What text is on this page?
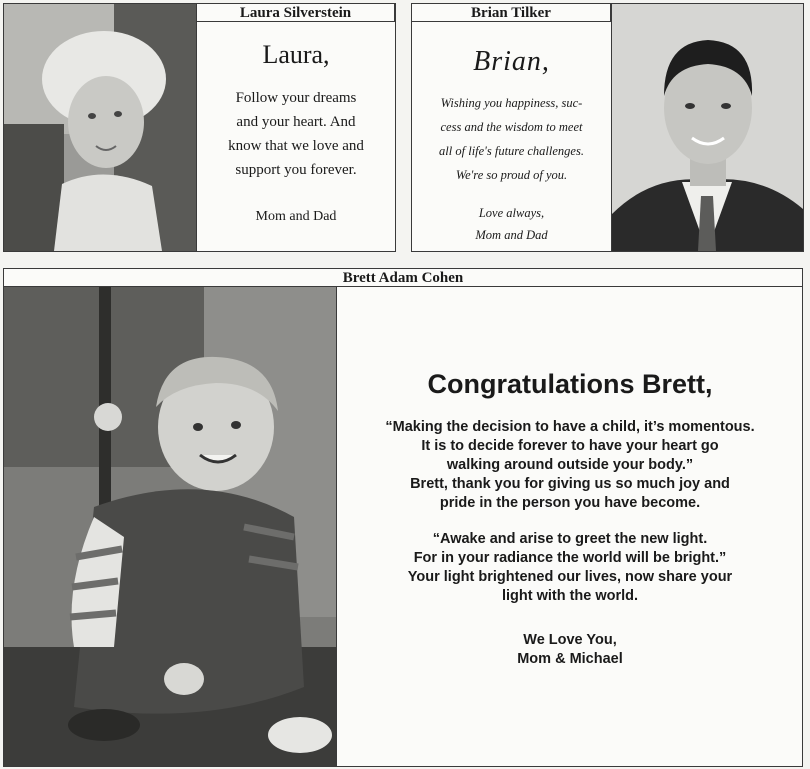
Laura Silverstein
Laura,
Follow your dreams
and your heart. And
know that we love and
support you forever.
Mom and Dad
Brian Tilker
Brian,
Wishing you happiness, suc-
cess and the wisdom to meet
all of life's future challenges.
We're so proud of you.
Love always,
Mom and Dad
Brett Adam Cohen
Congratulations Brett,
“Making the decision to have a child, it’s momentous.
It is to decide forever to have your heart go
walking around outside your body.”
Brett, thank you for giving us so much joy and
pride in the person you have become.
“Awake and arise to greet the new light.
For in your radiance the world will be bright.”
Your light brightened our lives, now share your
light with the world.
We Love You,
Mom & Michael
